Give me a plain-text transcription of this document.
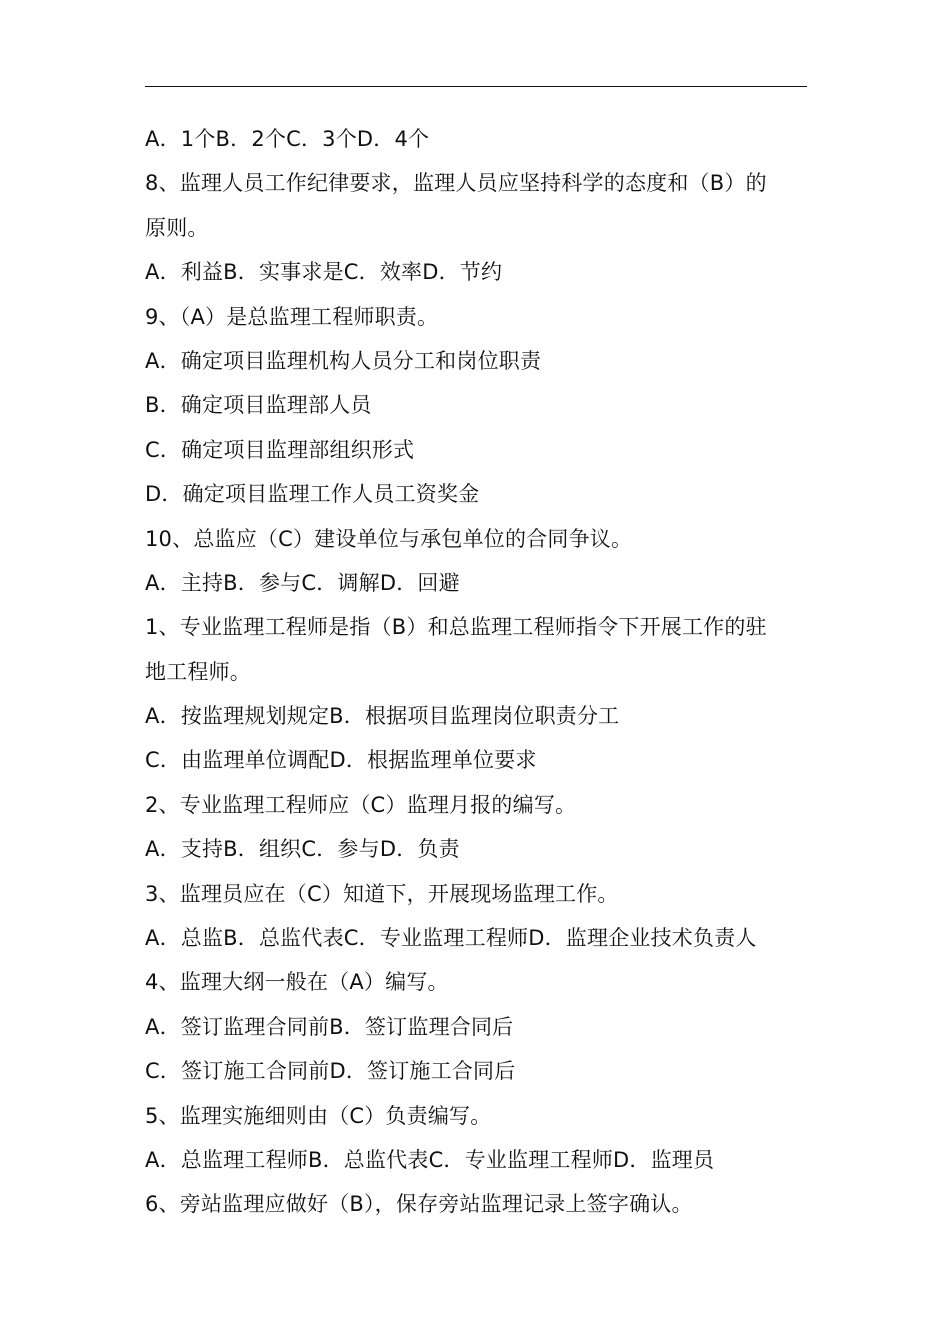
A．1个B．2个C．3个D．4个
8、监理人员工作纪律要求，监理人员应坚持科学的态度和（B）的
原则。
A．利益B．实事求是C．效率D．节约
9、（A）是总监理工程师职责。
A．确定项目监理机构人员分工和岗位职责
B．确定项目监理部人员
C．确定项目监理部组织形式
D．确定项目监理工作人员工资奖金
10、总监应（C）建设单位与承包单位的合同争议。
A．主持B．参与C．调解D．回避
1、专业监理工程师是指（B）和总监理工程师指令下开展工作的驻
地工程师。
A．按监理规划规定B．根据项目监理岗位职责分工
C．由监理单位调配D．根据监理单位要求
2、专业监理工程师应（C）监理月报的编写。
A．支持B．组织C．参与D．负责
3、监理员应在（C）知道下，开展现场监理工作。
A．总监B．总监代表C．专业监理工程师D．监理企业技术负责人
4、监理大纲一般在（A）编写。
A．签订监理合同前B．签订监理合同后
C．签订施工合同前D．签订施工合同后
5、监理实施细则由（C）负责编写。
A．总监理工程师B．总监代表C．专业监理工程师D．监理员
6、旁站监理应做好（B），保存旁站监理记录上签字确认。
